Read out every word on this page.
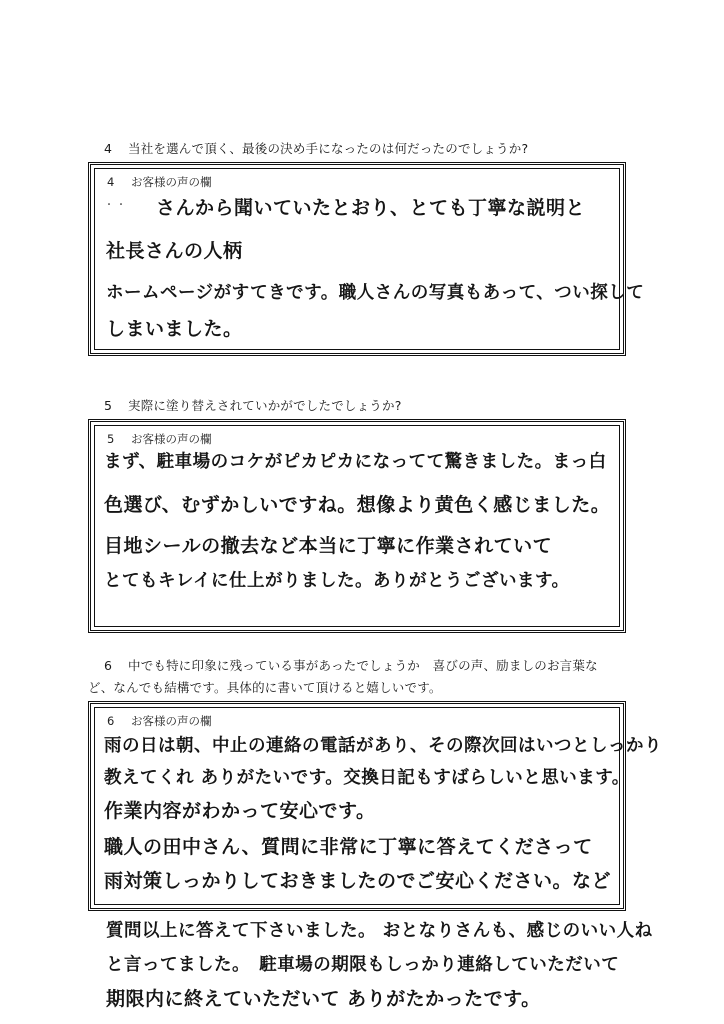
4 当社を選んで頂く、最後の決め手になったのは何だったのでしょうか?
4 お客様の声の欄
・・ さんから聞いていたとおり、とても丁寧な説明と
社長さんの人柄
ホームページがすてきです。職人さんの写真もあって、つい探して
しまいました。
5 実際に塗り替えされていかがでしたでしょうか?
5 お客様の声の欄
まず、駐車場のコケがピカピカになってて驚きました。まっ白
色選び、むずかしいですね。想像より黄色く感じました。
目地シールの撤去など本当に丁寧に作業されていて
とてもキレイに仕上がりました。ありがとうございます。
6 中でも特に印象に残っている事があったでしょうか　喜びの声、励ましのお言葉な
ど、なんでも結構です。具体的に書いて頂けると嬉しいです。
6 お客様の声の欄
雨の日は朝、中止の連絡の電話があり、その際次回はいつとしっかり
教えてくれ ありがたいです。交換日記もすばらしいと思います。
作業内容がわかって安心です。
職人の田中さん、質問に非常に丁寧に答えてくださって
雨対策しっかりしておきましたのでご安心ください。など
質問以上に答えて下さいました。 おとなりさんも、感じのいい人ね
と言ってました。　駐車場の期限もしっかり連絡していただいて
期限内に終えていただいて ありがたかったです。
